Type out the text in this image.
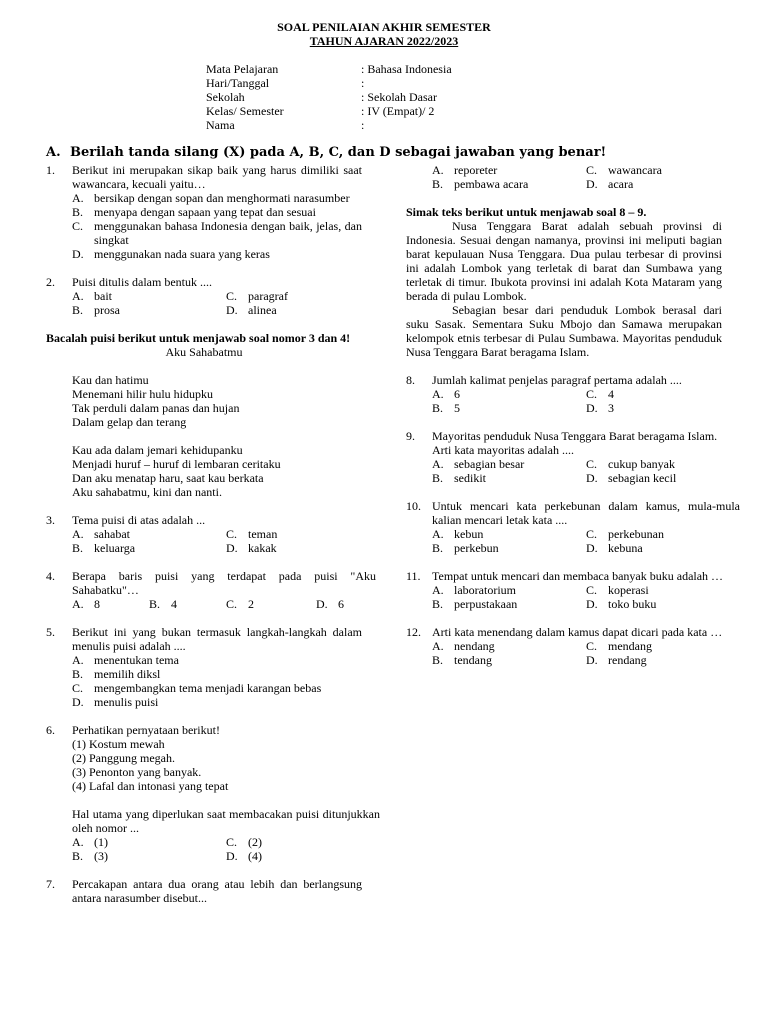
SOAL PENILAIAN AKHIR SEMESTER
TAHUN AJARAN 2022/2023
Mata Pelajaran	: Bahasa Indonesia
Hari/Tanggal	:
Sekolah	: Sekolah Dasar
Kelas/ Semester	: IV (Empat)/ 2
Nama	:
A. Berilah tanda silang (X) pada A, B, C, dan D sebagai jawaban yang benar!
1.	Berikut ini merupakan sikap baik yang harus dimiliki saat wawancara, kecuali yaitu…
A. bersikap dengan sopan dan menghormati narasumber
B. menyapa dengan sapaan yang tepat dan sesuai
C. menggunakan bahasa Indonesia dengan baik, jelas, dan singkat
D. menggunakan nada suara yang keras
2.	Puisi ditulis dalam bentuk ....
A. bait	C. paragraf
B. prosa	D. alinea
Bacalah puisi berikut untuk menjawab soal nomor 3 dan 4!
Aku Sahabatmu
Kau dan hatimu
Menemani hilir hulu hidupku
Tak perduli dalam panas dan hujan
Dalam gelap dan terang
Kau ada dalam jemari kehidupanku
Menjadi huruf – huruf di lembaran ceritaku
Dan aku menatap haru, saat kau berkata
Aku sahabatmu, kini dan nanti.
3.	Tema puisi di atas adalah ...
A. sahabat	C. teman
B. keluarga	D. kakak
4.	Berapa baris puisi yang terdapat pada puisi "Aku Sahabatku"…
A. 8	B. 4	C. 2	D. 6
5.	Berikut ini yang bukan termasuk langkah-langkah dalam menulis puisi adalah ....
A. menentukan tema
B. memilih diksl
C. mengembangkan tema menjadi karangan bebas
D. menulis puisi
6.	Perhatikan pernyataan berikut!
(1) Kostum mewah
(2) Panggung megah.
(3) Penonton yang banyak.
(4) Lafal dan intonasi yang tepat
Hal utama yang diperlukan saat membacakan puisi ditunjukkan oleh nomor ...
A. (1)	C. (2)
B. (3)	D. (4)
7.	Percakapan antara dua orang atau lebih dan berlangsung antara narasumber disebut...
A. reporeter	C. wawancara
B. pembawa acara	D. acara
Simak teks berikut untuk menjawab soal 8 – 9.
Nusa Tenggara Barat adalah sebuah provinsi di Indonesia. Sesuai dengan namanya, provinsi ini meliputi bagian barat kepulauan Nusa Tenggara. Dua pulau terbesar di provinsi ini adalah Lombok yang terletak di barat dan Sumbawa yang terletak di timur. Ibukota provinsi ini adalah Kota Mataram yang berada di pulau Lombok.
Sebagian besar dari penduduk Lombok berasal dari suku Sasak. Sementara Suku Mbojo dan Samawa merupakan kelompok etnis terbesar di Pulau Sumbawa. Mayoritas penduduk Nusa Tenggara Barat beragama Islam.
8.	Jumlah kalimat penjelas paragraf pertama adalah ....
A. 6	C. 4
B. 5	D. 3
9.	Mayoritas penduduk Nusa Tenggara Barat beragama Islam.
Arti kata mayoritas adalah ....
A. sebagian besar	C. cukup banyak
B. sedikit	D. sebagian kecil
10. Untuk mencari kata perkebunan dalam kamus, mula-mula kalian mencari letak kata ....
A. kebun	C. perkebunan
B. perkebun	D. kebuna
11. Tempat untuk mencari dan membaca banyak buku adalah …
A. laboratorium	C. koperasi
B. perpustakaan	D. toko buku
12. Arti kata menendang dalam kamus dapat dicari pada kata …
A. nendang	C. mendang
B. tendang	D. rendang
